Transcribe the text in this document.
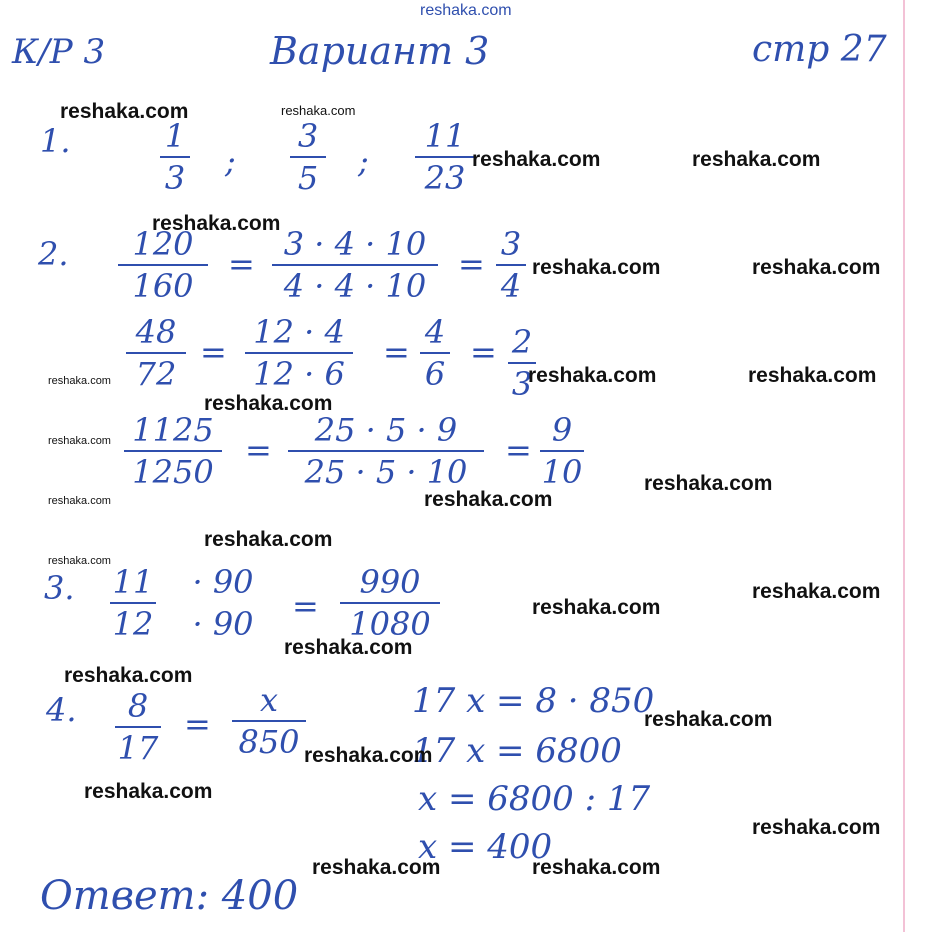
reshaka.com
К/Р 3	Вариант 3	стр 27
1.	1
3 ;
3
5 ;
11
23
2.	120
160
=
3 · 4 · 10
4 · 4 · 10
=
3
4
48
72
=
12 · 4
12 · 6
=
4
6
= 2
3
1125
1250
=
25 · 5 · 9
25 · 5 · 10
=
9
10
3. 11
12
· 90
· 90	=
990
1080
4.	8
17
=
x
850
17 x = 8 · 850
17 x = 6800
x = 6800 : 17
x = 400
Ответ: 400
reshaka.com	reshaka.com
reshaka.com	reshaka.com
reshaka.com
reshaka.com	reshaka.com
reshaka.com	reshaka.com	reshaka.com
reshaka.com
reshaka.com
reshaka.com
reshaka.com
reshaka.com
reshaka.com
reshaka.com
reshaka.com
reshaka.com
reshaka.com
reshaka.com
reshaka.com
reshaka.com
reshaka.com
reshaka.com
reshaka.com	reshaka.com
